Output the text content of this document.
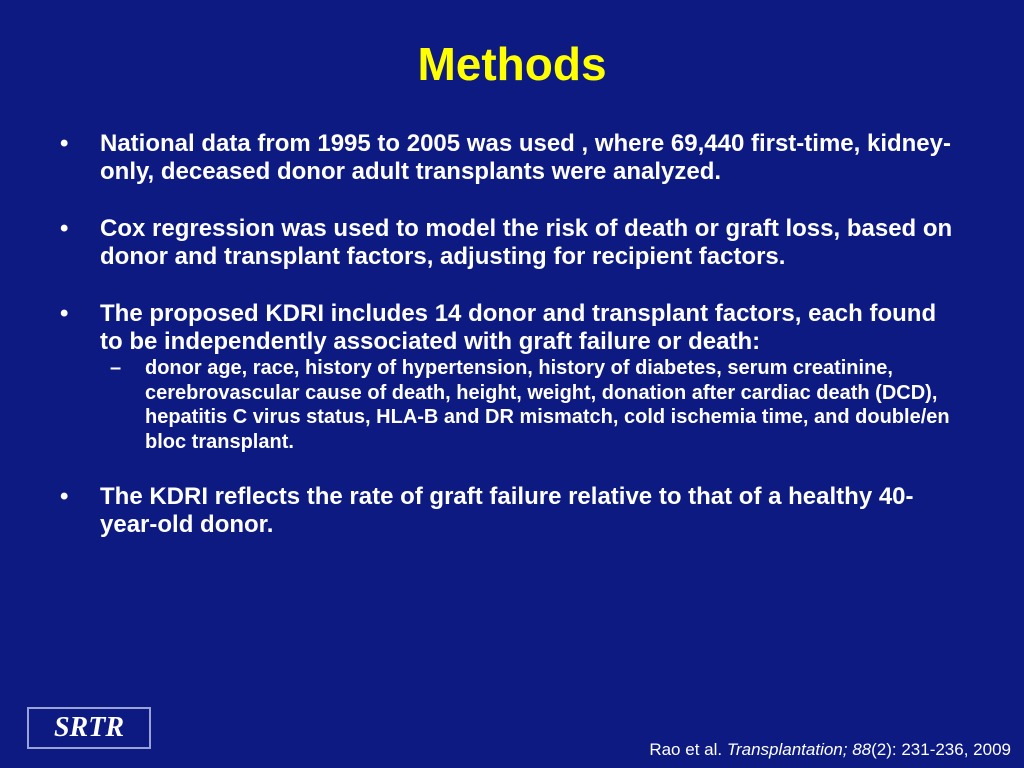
Methods
• National data from 1995 to 2005 was used , where 69,440 first-time, kidney-only, deceased donor adult transplants were analyzed.
• Cox regression was used to model the risk of death or graft loss, based on donor and transplant factors, adjusting for recipient factors.
• The proposed KDRI includes 14 donor and transplant factors, each found to be independently associated with graft failure or death:
– donor age, race, history of hypertension, history of diabetes, serum creatinine, cerebrovascular cause of death, height, weight, donation after cardiac death (DCD), hepatitis C virus status, HLA-B and DR mismatch, cold ischemia time, and double/en bloc transplant.
• The KDRI reflects the rate of graft failure relative to that of a healthy 40-year-old donor.
SRTR
Rao et al. Transplantation; 88(2): 231-236, 2009
